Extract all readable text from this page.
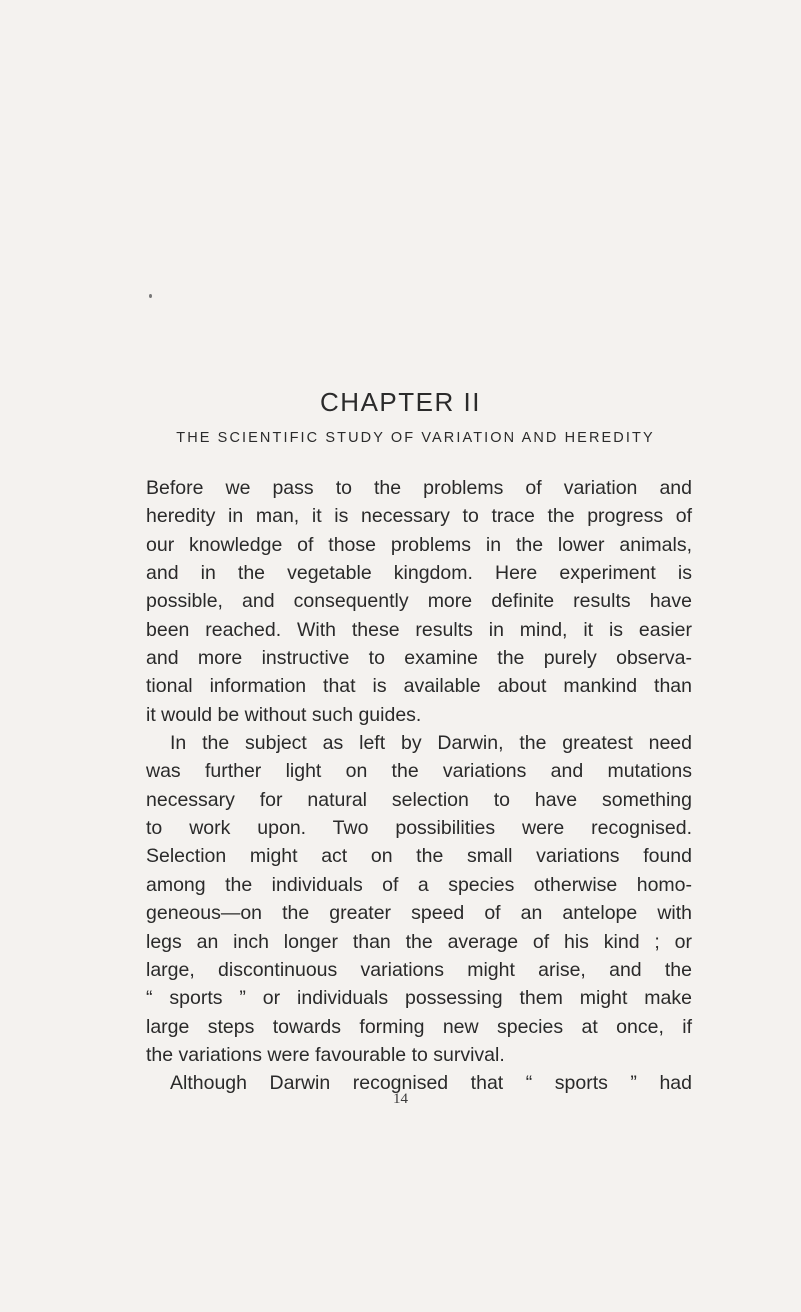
CHAPTER II
THE SCIENTIFIC STUDY OF VARIATION AND HEREDITY
Before we pass to the problems of variation and
heredity in man, it is necessary to trace the progress of
our knowledge of those problems in the lower animals,
and in the vegetable kingdom. Here experiment is
possible, and consequently more definite results have
been reached. With these results in mind, it is easier
and more instructive to examine the purely observa-
tional information that is available about mankind than
it would be without such guides.
In the subject as left by Darwin, the greatest need
was further light on the variations and mutations
necessary for natural selection to have something
to work upon. Two possibilities were recognised.
Selection might act on the small variations found
among the individuals of a species otherwise homo-
geneous—on the greater speed of an antelope with
legs an inch longer than the average of his kind ; or
large, discontinuous variations might arise, and the
“ sports ” or individuals possessing them might make
large steps towards forming new species at once, if
the variations were favourable to survival.
Although Darwin recognised that “ sports ” had
14
